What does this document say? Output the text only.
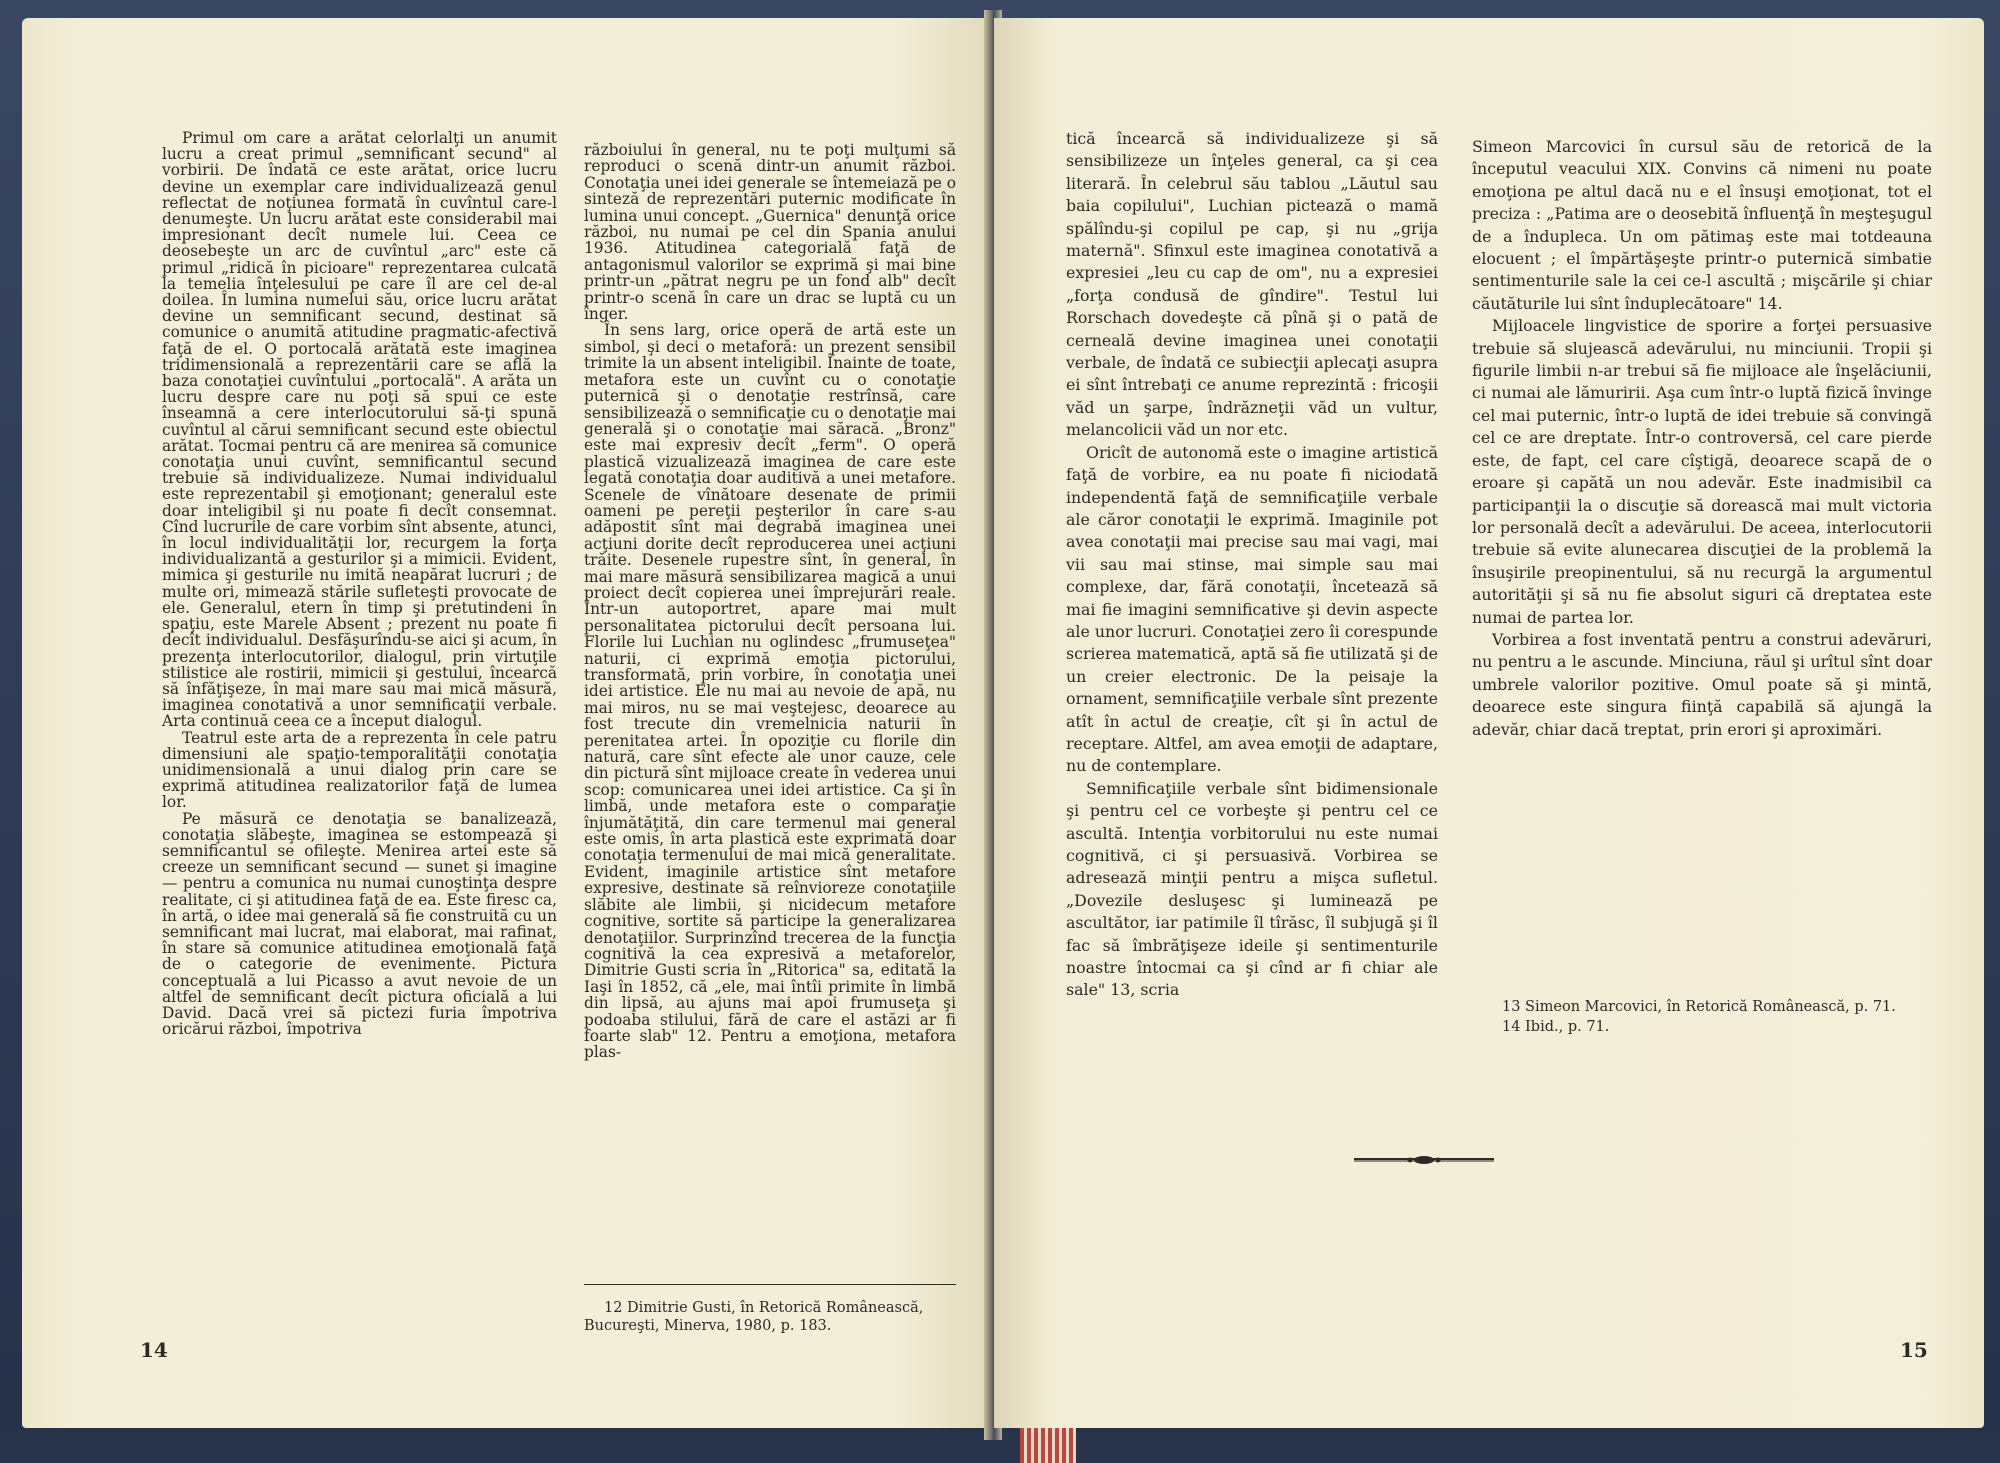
Primul om care a arătat celorlalţi un anumit lucru a creat primul „semnificant secund" al vorbirii. De îndată ce este arătat, orice lucru devine un exemplar care individualizează genul reflectat de noţiunea formată în cuvîntul care-l denumeşte. Un lucru arătat este considerabil mai impresionant decît numele lui. Ceea ce deosebeşte un arc de cuvîntul „arc" este că primul „ridică în picioare" reprezentarea culcată la temelia înţelesului pe care îl are cel de-al doilea. În lumina numelui său, orice lucru arătat devine un semnificant secund, destinat să comunice o anumită atitudine pragmatic-afectivă faţă de el. O portocală arătată este imaginea tridimensională a reprezentării care se află la baza conotaţiei cuvîntului „portocală". A arăta un lucru despre care nu poţi să spui ce este înseamnă a cere interlocutorului să-ţi spună cuvîntul al cărui semnificant secund este obiectul arătat. Tocmai pentru că are menirea să comunice conotaţia unui cuvînt, semnificantul secund trebuie să individualizeze. Numai individualul este reprezentabil şi emoţionant; generalul este doar inteligibil şi nu poate fi decît consemnat. Cînd lucrurile de care vorbim sînt absente, atunci, în locul individualităţii lor, recurgem la forţa individualizantă a gesturilor şi a mimicii. Evident, mimica şi gesturile nu imită neapărat lucruri ; de multe ori, mimează stările sufleteşti provocate de ele. Generalul, etern în timp şi pretutindeni în spaţiu, este Marele Absent ; prezent nu poate fi decît individualul. Desfăşurîndu-se aici şi acum, în prezenţa interlocutorilor, dialogul, prin virtuţile stilistice ale rostirii, mimicii şi gestului, încearcă să înfăţişeze, în mai mare sau mai mică măsură, imaginea conotativă a unor semnificaţii verbale. Arta continuă ceea ce a început dialogul.

Teatrul este arta de a reprezenta în cele patru dimensiuni ale spaţio-temporalităţii conotaţia unidimensională a unui dialog prin care se exprimă atitudinea realizatorilor faţă de lumea lor.

Pe măsură ce denotaţia se banalizează, conotaţia slăbeşte, imaginea se estompează şi semnificantul se ofileşte. Menirea artei este să creeze un semnificant secund — sunet şi imagine — pentru a comunica nu numai cunoştinţa despre realitate, ci şi atitudinea faţă de ea. Este firesc ca, în artă, o idee mai generală să fie construită cu un semnificant mai lucrat, mai elaborat, mai rafinat, în stare să comunice atitudinea emoţională faţă de o categorie de evenimente. Pictura conceptuală a lui Picasso a avut nevoie de un altfel de semnificant decît pictura oficială a lui David. Dacă vrei să pictezi furia împotriva oricărui război, împotriva

războiului în general, nu te poţi mulţumi să reproduci o scenă dintr-un anumit război. Conotaţia unei idei generale se întemeiază pe o sinteză de reprezentări puternic modificate în lumina unui concept. „Guernica" denunţă orice război, nu numai pe cel din Spania anului 1936. Atitudinea categorială faţă de antagonismul valorilor se exprimă şi mai bine printr-un „pătrat negru pe un fond alb" decît printr-o scenă în care un drac se luptă cu un înger.

În sens larg, orice operă de artă este un simbol, şi deci o metaforă: un prezent sensibil trimite la un absent inteligibil. Înainte de toate, metafora este un cuvînt cu o conotaţie puternică şi o denotaţie restrînsă, care sensibilizează o semnificaţie cu o denotaţie mai generală şi o conotaţie mai săracă. „Bronz" este mai expresiv decît „ferm". O operă plastică vizualizează imaginea de care este legată conotaţia doar auditivă a unei metafore. Scenele de vînătoare desenate de primii oameni pe pereţii peşterilor în care s-au adăpostit sînt mai degrabă imaginea unei acţiuni dorite decît reproducerea unei acţiuni trăite. Desenele rupestre sînt, în general, în mai mare măsură sensibilizarea magică a unui proiect decît copierea unei împrejurări reale. Într-un autoportret, apare mai mult personalitatea pictorului decît persoana lui. Florile lui Luchian nu oglindesc „frumuseţea" naturii, ci exprimă emoţia pictorului, transformată, prin vorbire, în conotaţia unei idei artistice. Ele nu mai au nevoie de apă, nu mai miros, nu se mai veştejesc, deoarece au fost trecute din vremelnicia naturii în perenitatea artei. În opoziţie cu florile din natură, care sînt efecte ale unor cauze, cele din pictură sînt mijloace create în vederea unui scop: comunicarea unei idei artistice. Ca şi în limbă, unde metafora este o comparaţie înjumătăţită, din care termenul mai general este omis, în arta plastică este exprimată doar conotaţia termenului de mai mică generalitate. Evident, imaginile artistice sînt metafore expresive, destinate să reînvioreze conotaţiile slăbite ale limbii, şi nicidecum metafore cognitive, sortite să participe la generalizarea denotaţiilor. Surprinzînd trecerea de la funcţia cognitivă la cea expresivă a metaforelor, Dimitrie Gusti scria în „Ritorica" sa, editată la Iaşi în 1852, că „ele, mai întîi primite în limbă din lipsă, au ajuns mai apoi frumuseţa şi podoaba stilului, fără de care el astăzi ar fi foarte slab" 12. Pentru a emoţiona, metafora plas-

12 Dimitrie Gusti, în Retorică Românească, Bucureşti, Minerva, 1980, p. 183.

14

tică încearcă să individualizeze şi să sensibilizeze un înţeles general, ca şi cea literară. În celebrul său tablou „Lăutul sau baia copilului", Luchian pictează o mamă spălîndu-şi copilul pe cap, şi nu „grija maternă". Sfinxul este imaginea conotativă a expresiei „leu cu cap de om", nu a expresiei „forţa condusă de gîndire". Testul lui Rorschach dovedeşte că pînă şi o pată de cerneală devine imaginea unei conotaţii verbale, de îndată ce subiecţii aplecaţi asupra ei sînt întrebaţi ce anume reprezintă : fricoşii văd un şarpe, îndrăzneţii văd un vultur, melancolicii văd un nor etc.

Oricît de autonomă este o imagine artistică faţă de vorbire, ea nu poate fi niciodată independentă faţă de semnificaţiile verbale ale căror conotaţii le exprimă. Imaginile pot avea conotaţii mai precise sau mai vagi, mai vii sau mai stinse, mai simple sau mai complexe, dar, fără conotaţii, încetează să mai fie imagini semnificative şi devin aspecte ale unor lucruri. Conotaţiei zero îi corespunde scrierea matematică, aptă să fie utilizată şi de un creier electronic. De la peisaje la ornament, semnificaţiile verbale sînt prezente atît în actul de creaţie, cît şi în actul de receptare. Altfel, am avea emoţii de adaptare, nu de contemplare.

Semnificaţiile verbale sînt bidimensionale şi pentru cel ce vorbeşte şi pentru cel ce ascultă. Intenţia vorbitorului nu este numai cognitivă, ci şi persuasivă. Vorbirea se adresează minţii pentru a mişca sufletul. „Dovezile desluşesc şi luminează pe ascultător, iar patimile îl tîrăsc, îl subjugă şi îl fac să îmbrăţişeze ideile şi sentimenturile noastre întocmai ca şi cînd ar fi chiar ale sale" 13, scria

Simeon Marcovici în cursul său de retorică de la începutul veacului XIX. Convins că nimeni nu poate emoţiona pe altul dacă nu e el însuşi emoţionat, tot el preciza : „Patima are o deosebită înfluenţă în meşteşugul de a îndupleca. Un om pătimaş este mai totdeauna elocuent ; el împărtăşeşte printr-o puternică simbatie sentimenturile sale la cei ce-l ascultă ; mişcările şi chiar căutăturile lui sînt înduplecătoare" 14.

Mijloacele lingvistice de sporire a forţei persuasive trebuie să slujească adevărului, nu minciunii. Tropii şi figurile limbii n-ar trebui să fie mijloace ale înşelăciunii, ci numai ale lămuririi. Aşa cum într-o luptă fizică învinge cel mai puternic, într-o luptă de idei trebuie să convingă cel ce are dreptate. Într-o controversă, cel care pierde este, de fapt, cel care cîştigă, deoarece scapă de o eroare şi capătă un nou adevăr. Este inadmisibil ca participanţii la o discuţie să dorească mai mult victoria lor personală decît a adevărului. De aceea, interlocutorii trebuie să evite alunecarea discuţiei de la problemă la însuşirile preopinentului, să nu recurgă la argumentul autorităţii şi să nu fie absolut siguri că dreptatea este numai de partea lor.

Vorbirea a fost inventată pentru a construi adevăruri, nu pentru a le ascunde. Minciuna, răul şi urîtul sînt doar umbrele valorilor pozitive. Omul poate să şi mintă, deoarece este singura fiinţă capabilă să ajungă la adevăr, chiar dacă treptat, prin erori şi aproximări.

13 Simeon Marcovici, în Retorică Românească, p. 71.

14 Ibid., p. 71.

15
